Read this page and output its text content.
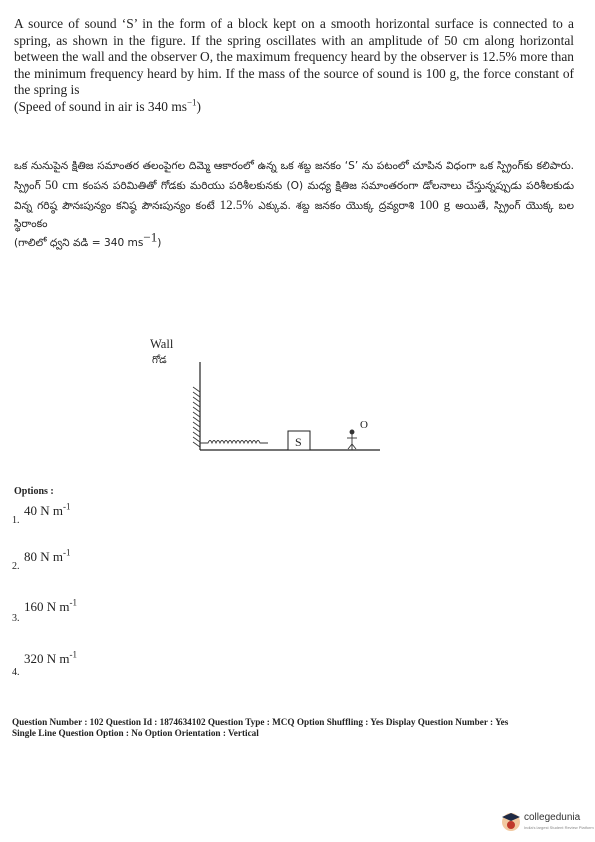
A source of sound ‘S’ in the form of a block kept on a smooth horizontal surface is connected to a spring, as shown in the figure. If the spring oscillates with an amplitude of 50 cm along horizontal between the wall and the observer O, the maximum frequency heard by the observer is 12.5% more than the minimum frequency heard by him. If the mass of the source of sound is 100 g, the force constant of the spring is
(Speed of sound in air is 340 $ms^{-1}$)
ఒక నునుపైన క్షితిజ సమాంతర తలంపైగల దిమ్మె ఆకారంలో ఉన్న ఒక శబ్ద జనకం ‘S’ ను పటంలో చూపిన విధంగా ఒక స్ప్రింగ్‌కు కలిపారు. స్ప్రింగ్ 50 cm కంపన పరిమితితో గోడకు మరియు పరిశీలకునకు (O) మధ్య క్షితిజ సమాంతరంగా డోలనాలు చేస్తున్నప్పుడు పరిశీలకుడు విన్న గరిష్ఠ పౌనఃపున్యం కనిష్ఠ పౌనఃపున్యం కంటే 12.5% ఎక్కువ. శబ్ద జనకం యొక్క ద్రవ్యరాశి 100 g అయితే, స్ప్రింగ్ యొక్క బల స్థిరాంకం
(గాలిలో ధ్వని వడి = 340 $ms^{-1}$)
Wall
గోడ
S
O
Options :
40 N $m^{-1}$
1.
80 N $m^{-1}$
2.
160 N $m^{-1}$
3.
320 N $m^{-1}$
4.
Question Number : 102 Question Id : 1874634102 Question Type : MCQ Option Shuffling : Yes Display Question Number : Yes
Single Line Question Option : No Option Orientation : Vertical
collegedunia
India's largest Student Review Platform
